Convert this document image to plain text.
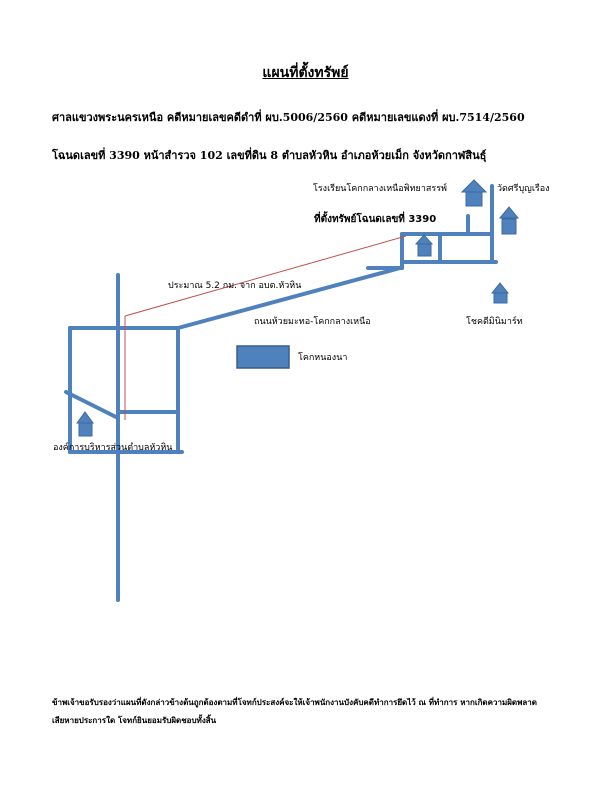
แผนที่ตั้งทรัพย์
ศาลแขวงพระนครเหนือ คดีหมายเลขคดีดำที่ ผบ.5006/2560 คดีหมายเลขแดงที่ ผบ.7514/2560
โฉนดเลขที่ 3390 หน้าสำรวจ 102 เลขที่ดิน 8 ตำบลหัวหิน อำเภอห้วยเม็ก จังหวัดกาฬสินธุ์
โรงเรียนโคกกลางเหนือพิทยาสรรพ์	วัดศรีบุญเรือง
ที่ตั้งทรัพย์โฉนดเลขที่ 3390
ประมาณ 5.2 กม. จาก อบต.หัวหิน
ถนนห้วยมะทอ-โคกกลางเหนือ	โชคดีมินิมาร์ท
โคกหนองนา
องค์การบริหารส่วนตำบลหัวหิน
ข้าพเจ้าขอรับรองว่าแผนที่ดังกล่าวข้างต้นถูกต้องตามที่โจทก์ประสงค์จะให้เจ้าพนักงานบังคับคดีทำการยึดไว้ ณ ที่ทำการ หากเกิดความผิดพลาดเสียหายประการใด โจทก์ยินยอมรับผิดชอบทั้งสิ้น
